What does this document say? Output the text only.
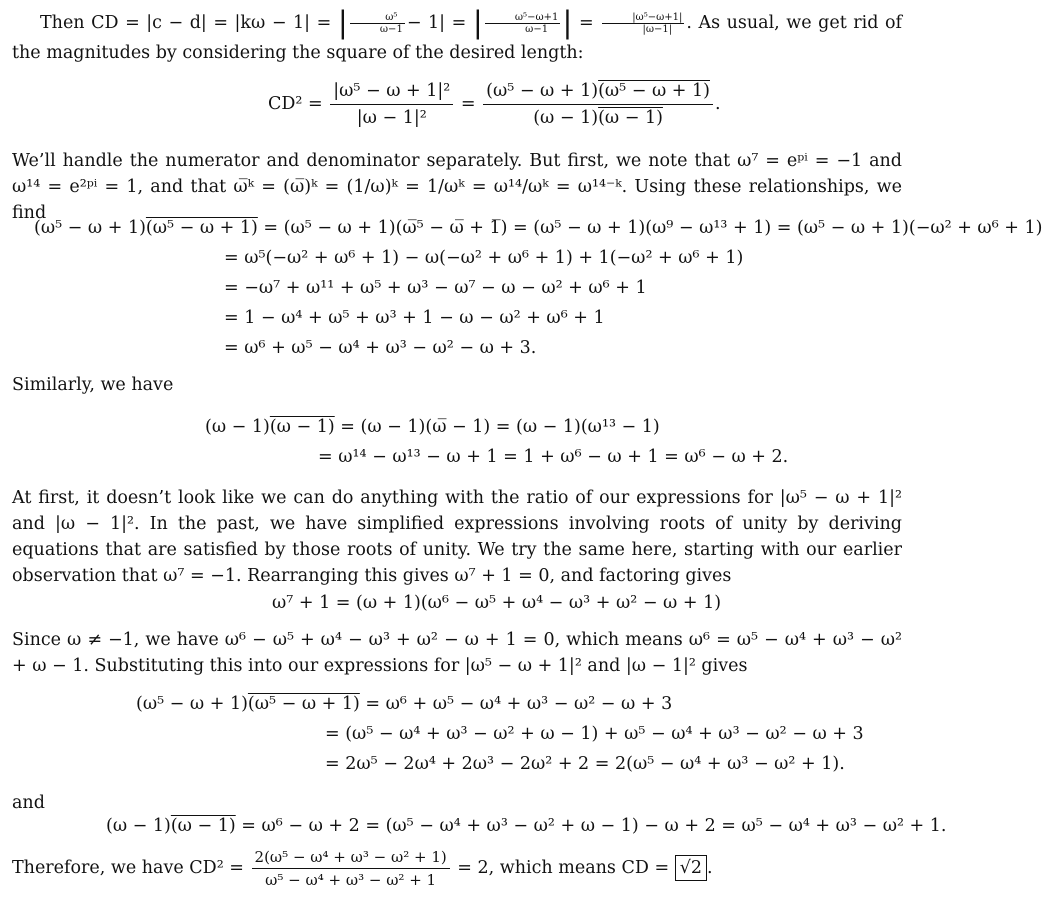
Then CD = |c − d| = |kω − 1| = | $\frac{\text{ω⁵}}{\omega-1} - 1|$ = | $\frac{\text{ω⁵−ω+1}}{\omega-1}$ | = $\frac{\text{|ω⁵−ω+1|}}{|\omega-1|}$ . As usual, we get rid of the magnitudes by considering the square of the desired length:
$CD^2 = \frac{\text{|ω⁵ − ω + 1|²}}{\text{|ω − 1|²}} = \frac{\text{(ω⁵ − ω + 1)(ω⁵ − ω + 1)}}{(\omega - 1)(\omega - 1)}$ .
We’ll handle the numerator and denominator separately. But first, we note that ω⁷ = eᵖⁱ = −1 and ω¹⁴ = e²ᵖⁱ = 1, and that ω̅ᵏ = (ω̅)ᵏ = (1/ω)ᵏ = 1/ωᵏ = ω¹⁴/ωᵏ = ω¹⁴⁻ᵏ. Using these relationships, we find
(ω⁵ − ω + 1)(ω⁵ − ω + 1) = (ω⁵ − ω + 1)(ω̅⁵ − ω̅ + 1̅) = (ω⁵ − ω + 1)(ω⁹ − ω¹³ + 1) = (ω⁵ − ω + 1)(−ω² + ω⁶ + 1)
= ω⁵(−ω² + ω⁶ + 1) − ω(−ω² + ω⁶ + 1) + 1(−ω² + ω⁶ + 1)
= −ω⁷ + ω¹¹ + ω⁵ + ω³ − ω⁷ − ω − ω² + ω⁶ + 1
= 1 − ω⁴ + ω⁵ + ω³ + 1 − ω − ω² + ω⁶ + 1
= ω⁶ + ω⁵ − ω⁴ + ω³ − ω² − ω + 3.
Similarly, we have
(ω − 1)(ω − 1) = (ω − 1)(ω̅ − 1) = (ω − 1)(ω¹³ − 1)
= ω¹⁴ − ω¹³ − ω + 1 = 1 + ω⁶ − ω + 1 = ω⁶ − ω + 2.
At first, it doesn’t look like we can do anything with the ratio of our expressions for |ω⁵ − ω + 1|² and |ω − 1|². In the past, we have simplified expressions involving roots of unity by deriving equations that are satisfied by those roots of unity. We try the same here, starting with our earlier observation that ω⁷ = −1. Rearranging this gives ω⁷ + 1 = 0, and factoring gives
ω⁷ + 1 = (ω + 1)(ω⁶ − ω⁵ + ω⁴ − ω³ + ω² − ω + 1)
Since ω ≠ −1, we have ω⁶ − ω⁵ + ω⁴ − ω³ + ω² − ω + 1 = 0, which means ω⁶ = ω⁵ − ω⁴ + ω³ − ω² + ω − 1. Substituting this into our expressions for |ω⁵ − ω + 1|² and |ω − 1|² gives
(ω⁵ − ω + 1)(ω⁵ − ω + 1) = ω⁶ + ω⁵ − ω⁴ + ω³ − ω² − ω + 3
= (ω⁵ − ω⁴ + ω³ − ω² + ω − 1) + ω⁵ − ω⁴ + ω³ − ω² − ω + 3
= 2ω⁵ − 2ω⁴ + 2ω³ − 2ω² + 2 = 2(ω⁵ − ω⁴ + ω³ − ω² + 1).
and
(ω − 1)(ω − 1) = ω⁶ − ω + 2 = (ω⁵ − ω⁴ + ω³ − ω² + ω − 1) − ω + 2 = ω⁵ − ω⁴ + ω³ − ω² + 1.
Therefore, we have $CD^2 = \frac{\text{2(ω⁵ − ω⁴ + ω³ − ω² + 1)}}{\text{ω⁵ − ω⁴ + ω³ − ω² + 1}} = 2$, which means CD = √2 .
